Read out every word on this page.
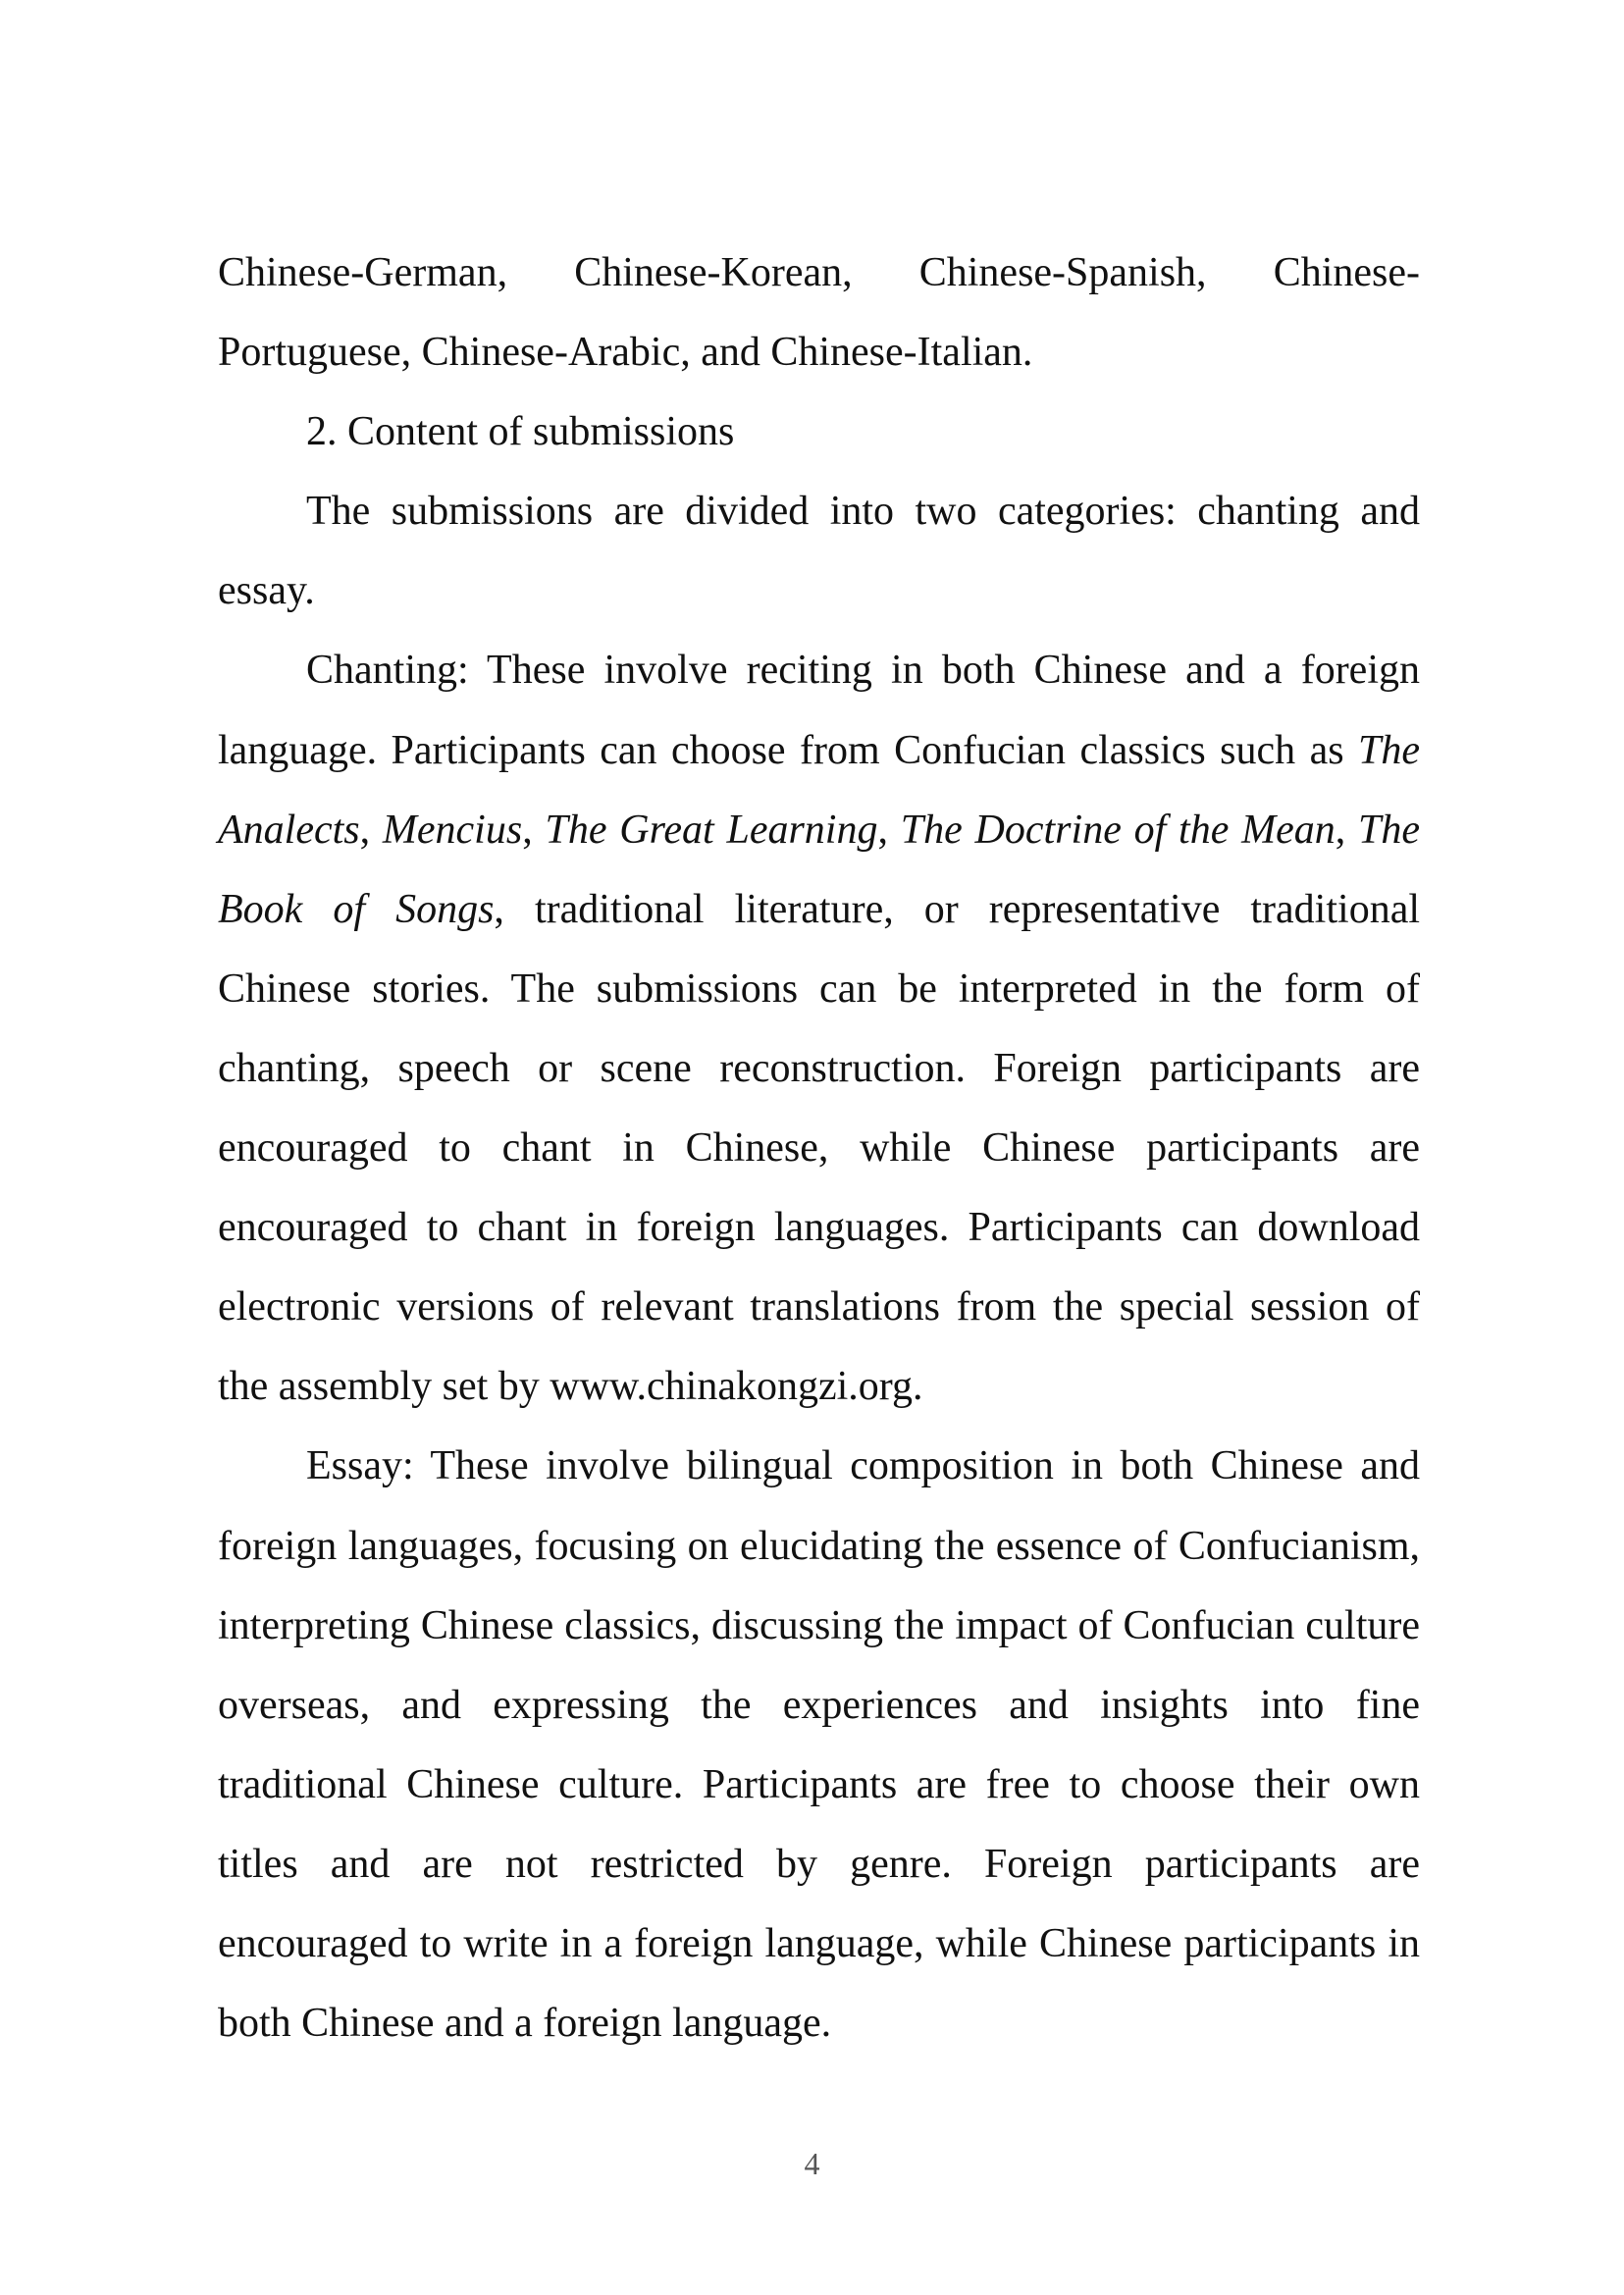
Chinese-German, Chinese-Korean, Chinese-Spanish, Chinese-Portuguese, Chinese-Arabic, and Chinese-Italian.

2. Content of submissions

The submissions are divided into two categories: chanting and essay.

Chanting: These involve reciting in both Chinese and a foreign language. Participants can choose from Confucian classics such as The Analects, Mencius, The Great Learning, The Doctrine of the Mean, The Book of Songs, traditional literature, or representative traditional Chinese stories. The submissions can be interpreted in the form of chanting, speech or scene reconstruction. Foreign participants are encouraged to chant in Chinese, while Chinese participants are encouraged to chant in foreign languages. Participants can download electronic versions of relevant translations from the special session of the assembly set by www.chinakongzi.org.

Essay: These involve bilingual composition in both Chinese and foreign languages, focusing on elucidating the essence of Confucianism, interpreting Chinese classics, discussing the impact of Confucian culture overseas, and expressing the experiences and insights into fine traditional Chinese culture. Participants are free to choose their own titles and are not restricted by genre. Foreign participants are encouraged to write in a foreign language, while Chinese participants in both Chinese and a foreign language.

4
